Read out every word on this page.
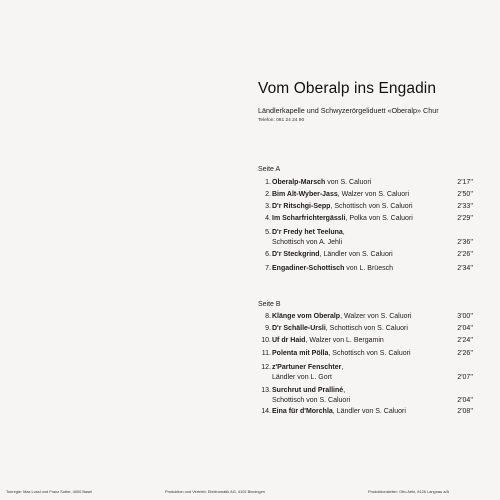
Vom Oberalp ins Engadin
Ländlerkapelle und Schwyzerörgeliduett «Oberalp» Chur
Telefon: 081 24 24 90
Seite A
1. Oberalp-Marsch von S. Caluori	2'17''
2. Bim Alt-Wyber-Jass, Walzer von S. Caluori	2'50''
3. D'r Ritschgi-Sepp, Schottisch von S. Caluori	2'33''
4. Im Scharfrichtergässli, Polka von S. Caluori	2'29''
5. D'r Fredy het Teeluna,
Schottisch von A. Jehli	2'36''
6. D'r Steckgrind, Ländler von S. Caluori	2'26''
7. Engadiner-Schottisch von L. Brüesch	2'34''
Seite B
8. Klänge vom Oberalp, Walzer von S. Caluori	3'00''
9. D'r Schälle-Ursli, Schottisch von S. Caluori	2'04''
10. Uf dr Haid, Walzer von L. Bergamin	2'24''
11. Polenta mit Pölla, Schottisch von S. Caluori	2'26''
12. z'Partuner Fenschter,
Ländler von L. Gort	2'07''
13. Surchrut und Pralliné,
Schottisch von S. Caluori	2'04''
14. Eina für d'Morchla, Ländler von S. Caluori	2'08''
Tonregie: Max Lussi und Franz Sutter, 4000 Basel	Produktion und Vertrieb: Elektromatik AG, 4102 Binningen	Produktionsleiter: Otto Aebi, 8126 Langnau a/A
